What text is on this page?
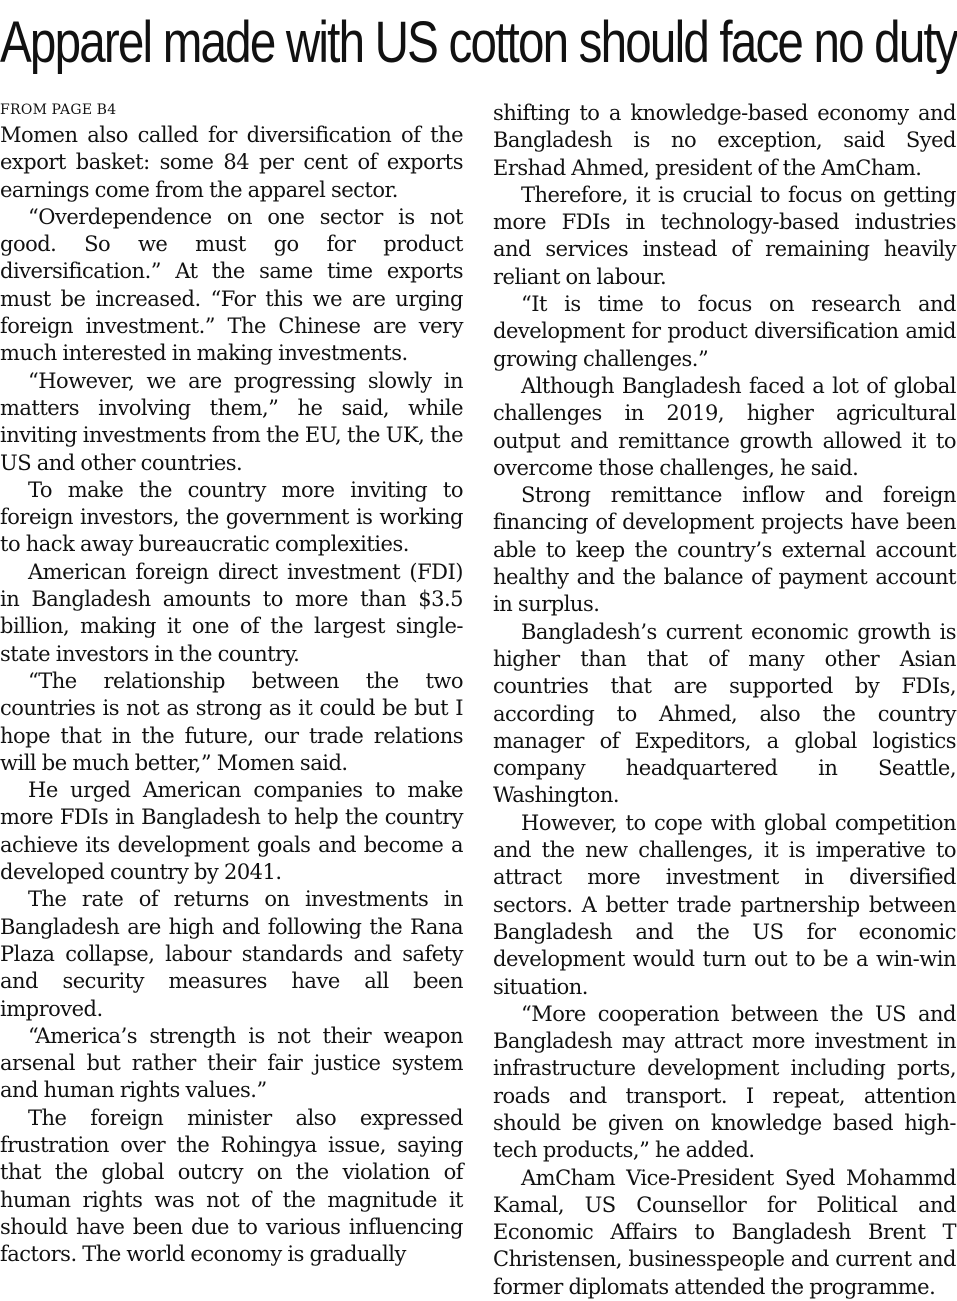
Apparel made with US cotton should face no duty
FROM PAGE B4

Momen also called for diversification of the export basket: some 84 per cent of exports earnings come from the apparel sector.

“Overdependence on one sector is not good. So we must go for product diversification.” At the same time exports must be increased. “For this we are urging foreign investment.” The Chinese are very much interested in making investments.

“However, we are progressing slowly in matters involving them,” he said, while inviting investments from the EU, the UK, the US and other countries.

To make the country more inviting to foreign investors, the government is working to hack away bureaucratic complexities.

American foreign direct investment (FDI) in Bangladesh amounts to more than $3.5 billion, making it one of the largest single-state investors in the country.

“The relationship between the two countries is not as strong as it could be but I hope that in the future, our trade relations will be much better,” Momen said.

He urged American companies to make more FDIs in Bangladesh to help the country achieve its development goals and become a developed country by 2041.

The rate of returns on investments in Bangladesh are high and following the Rana Plaza collapse, labour standards and safety and security measures have all been improved.

“America’s strength is not their weapon arsenal but rather their fair justice system and human rights values.”

The foreign minister also expressed frustration over the Rohingya issue, saying that the global outcry on the violation of human rights was not of the magnitude it should have been due to various influencing factors. The world economy is gradually

shifting to a knowledge-based economy and Bangladesh is no exception, said Syed Ershad Ahmed, president of the AmCham.

Therefore, it is crucial to focus on getting more FDIs in technology-based industries and services instead of remaining heavily reliant on labour.

“It is time to focus on research and development for product diversification amid growing challenges.”

Although Bangladesh faced a lot of global challenges in 2019, higher agricultural output and remittance growth allowed it to overcome those challenges, he said.

Strong remittance inflow and foreign financing of development projects have been able to keep the country’s external account healthy and the balance of payment account in surplus.

Bangladesh’s current economic growth is higher than that of many other Asian countries that are supported by FDIs, according to Ahmed, also the country manager of Expeditors, a global logistics company headquartered in Seattle, Washington.

However, to cope with global competition and the new challenges, it is imperative to attract more investment in diversified sectors. A better trade partnership between Bangladesh and the US for economic development would turn out to be a win-win situation.

“More cooperation between the US and Bangladesh may attract more investment in infrastructure development including ports, roads and transport. I repeat, attention should be given on knowledge based high-tech products,” he added.

AmCham Vice-President Syed Mohammd Kamal, US Counsellor for Political and Economic Affairs to Bangladesh Brent T Christensen, businesspeople and current and former diplomats attended the programme.
